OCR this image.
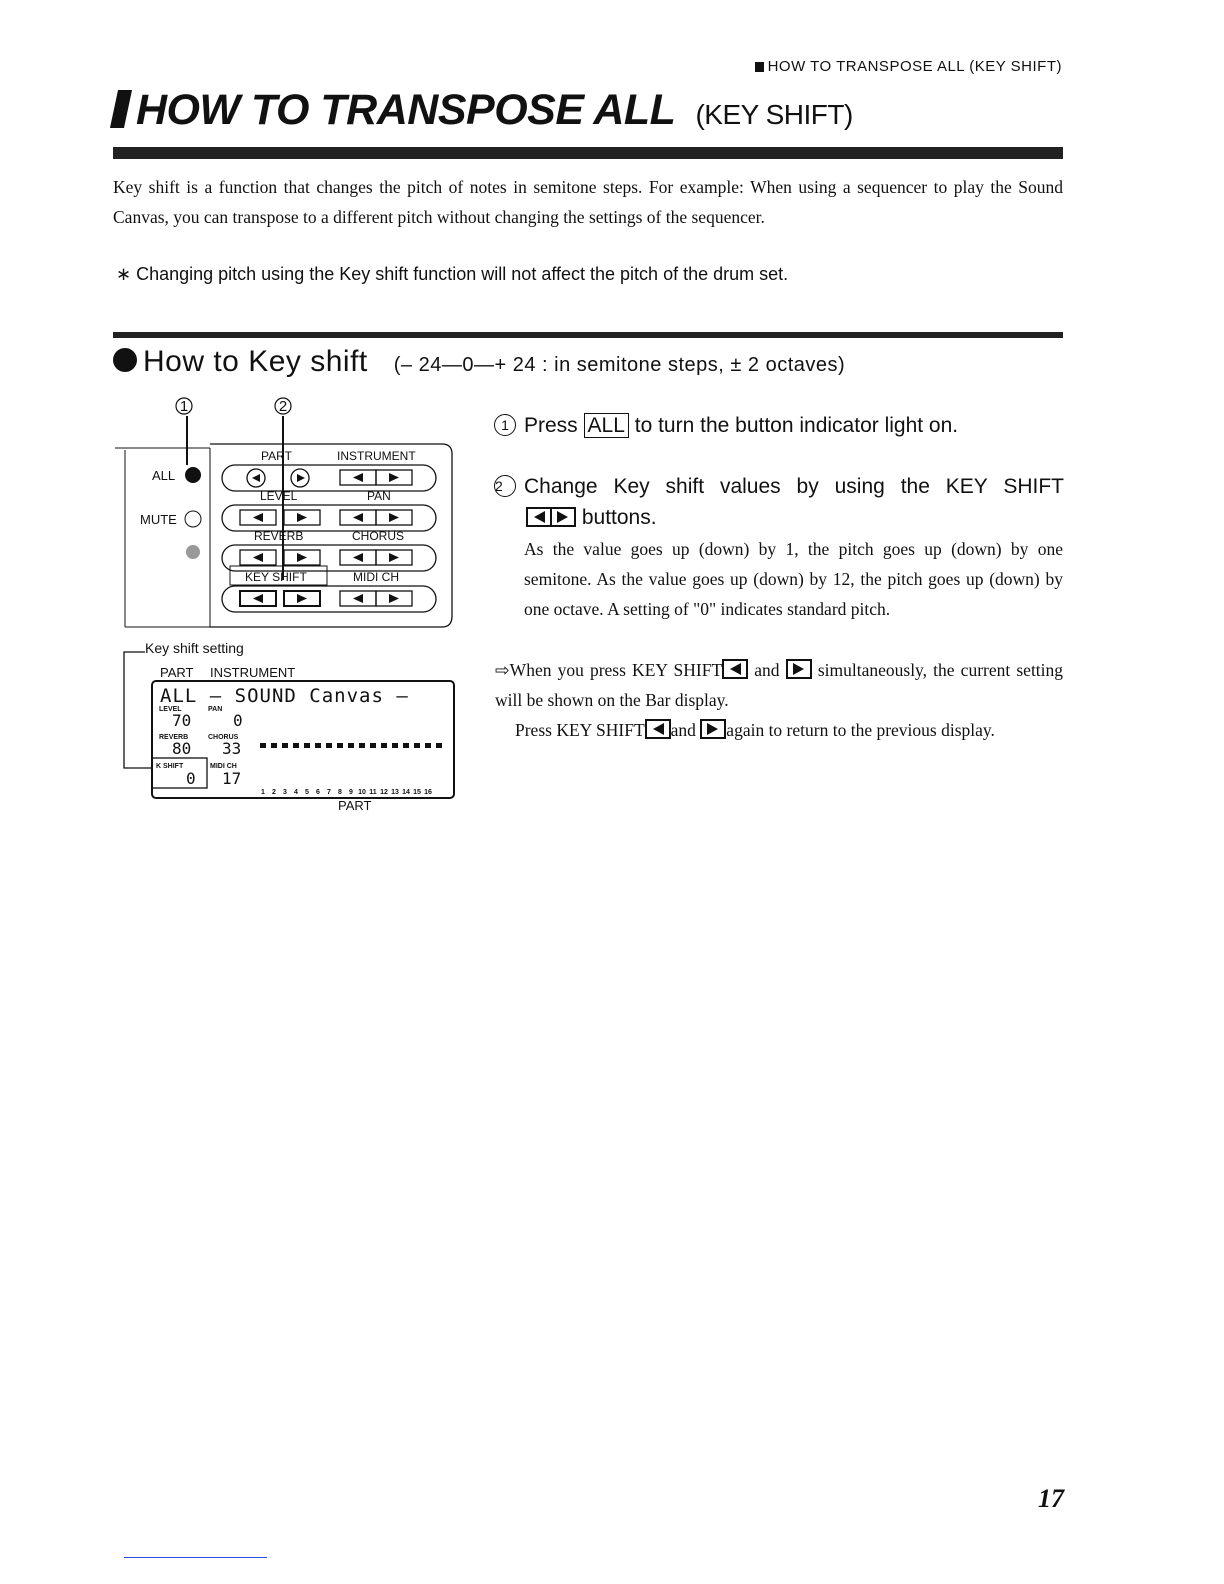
HOW TO TRANSPOSE ALL (KEY SHIFT)
HOW TO TRANSPOSE ALL (KEY SHIFT)
Key shift is a function that changes the pitch of notes in semitone steps. For example: When using a sequencer to play the Sound Canvas, you can transpose to a different pitch without changing the settings of the sequencer.
∗ Changing pitch using the Key shift function will not affect the pitch of the drum set.
How to Key shift (– 24—0—+ 24 : in semitone steps, ± 2 octaves)
1 Press ALL to turn the button indicator light on.
2 Change Key shift values by using the KEY SHIFT
buttons.
As the value goes up (down) by 1, the pitch goes up (down) by one semitone. As the value goes up (down) by 12, the pitch goes up (down) by one octave. A setting of "0" indicates standard pitch.
⇨When you press KEY SHIFT and simultaneously, the current setting will be shown on the Bar display.
Press KEY SHIFT and again to return to the previous display.
1	2
ALL
MUTE
PART	INSTRUMENT
LEVEL	PAN
REVERB	CHORUS
KEY SHIFT	MIDI CH
Key shift setting
PART INSTRUMENT
ALL – SOUND Canvas –
LEVEL	PAN
70	0
REVERB	CHORUS
80 33
K SHIFT	MIDI CH
0 17
1 2 3 4 5 6 7 8 9 10 11 12 13 14 15 16
PART
17
